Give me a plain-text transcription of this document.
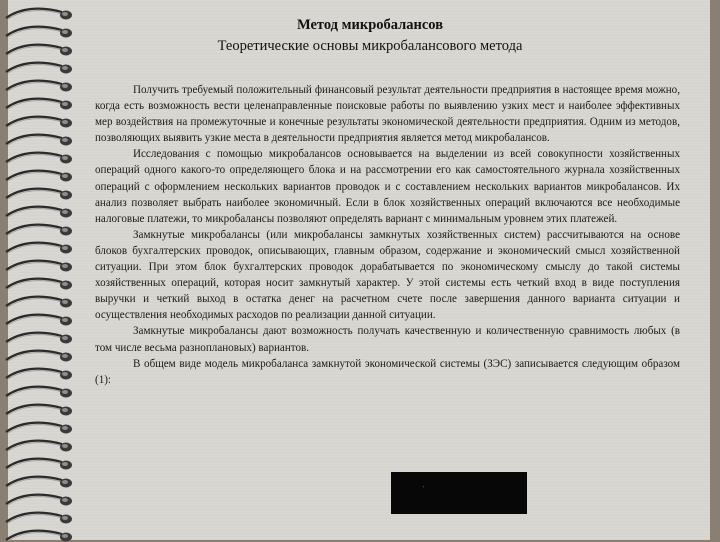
Метод микробалансов
Теоретические основы микробалансового метода

Получить требуемый положительный финансовый результат деятельности предприятия в настоящее время можно, когда есть возможность вести целенаправленные поисковые работы по выявлению узких мест и наиболее эффективных мер воздействия на промежуточные и конечные результаты экономической деятельности предприятия. Одним из методов, позволяющих выявить узкие места в деятельности предприятия является метод микробалансов.

Исследования с помощью микробалансов основывается на выделении из всей совокупности хозяйственных операций одного какого-то определяющего блока и на рассмотрении его как самостоятельного журнала хозяйственных операций с оформлением нескольких вариантов проводок и с составлением нескольких вариантов микробалансов. Их анализ позволяет выбрать наиболее экономичный. Если в блок хозяйственных операций включаются все необходимые налоговые платежи, то микробалансы позволяют определять вариант с минимальным уровнем этих платежей.

Замкнутые микробалансы (или микробалансы замкнутых хозяйственных систем) рассчитываются на основе блоков бухгалтерских проводок, описывающих, главным образом, содержание и экономический смысл хозяйственной ситуации. При этом блок бухгалтерских проводок дорабатывается по экономическому смыслу до такой системы хозяйственных операций, которая носит замкнутый характер. У этой системы есть четкий вход в виде поступления выручки и четкий выход в остатка денег на расчетном счете после завершения данного варианта ситуации и осуществления необходимых расходов по реализации данной ситуации.

Замкнутые микробалансы дают возможность получать качественную и количественную сравнимость любых (в том числе весьма разноплановых) вариантов.

В общем виде модель микробаланса замкнутой экономической системы (ЗЭС) записывается следующим образом (1):

'
